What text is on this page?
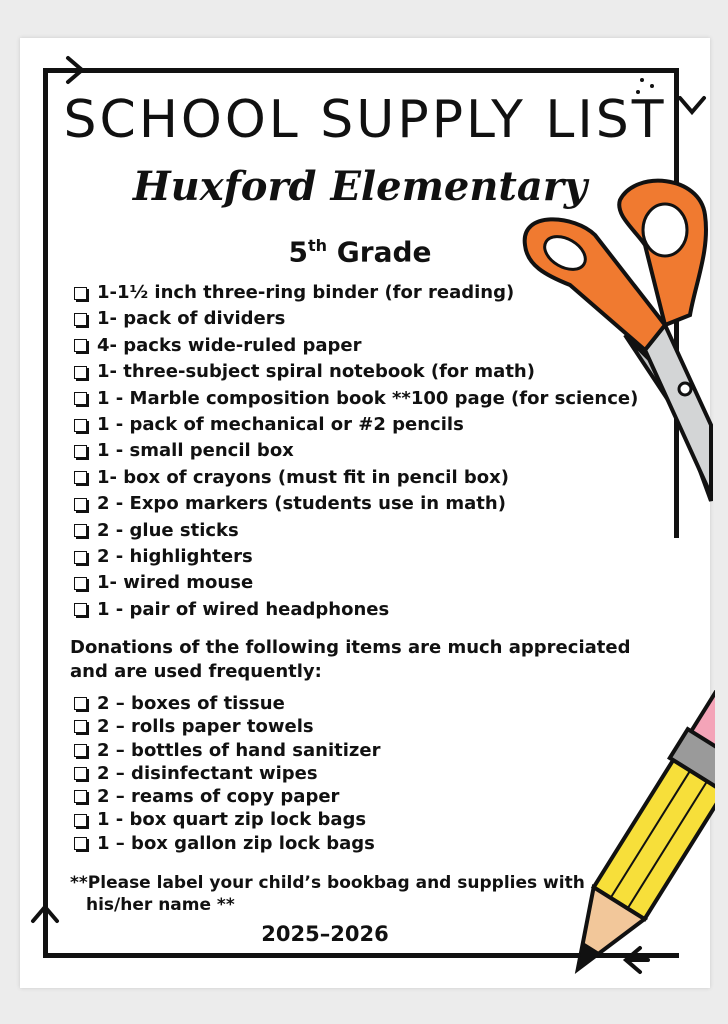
SCHOOL SUPPLY LIST
Huxford Elementary
5th Grade
1-1½ inch three-ring binder (for reading)
1- pack of dividers
4- packs wide-ruled paper
1- three-subject spiral notebook (for math)
1 - Marble composition book **100 page (for science)
1 - pack of mechanical or #2 pencils
1 - small pencil box
1- box of crayons (must fit in pencil box)
2 - Expo markers (students use in math)
2 - glue sticks
2 - highlighters
1- wired mouse
1 - pair of wired headphones
Donations of the following items are much appreciated
and are used frequently:
2 – boxes of tissue
2 – rolls paper towels
2 – bottles of hand sanitizer
2 – disinfectant wipes
2 – reams of copy paper
1 - box quart zip lock bags
1 – box gallon zip lock bags
**Please label your child’s bookbag and supplies with
his/her name **
2025–2026
